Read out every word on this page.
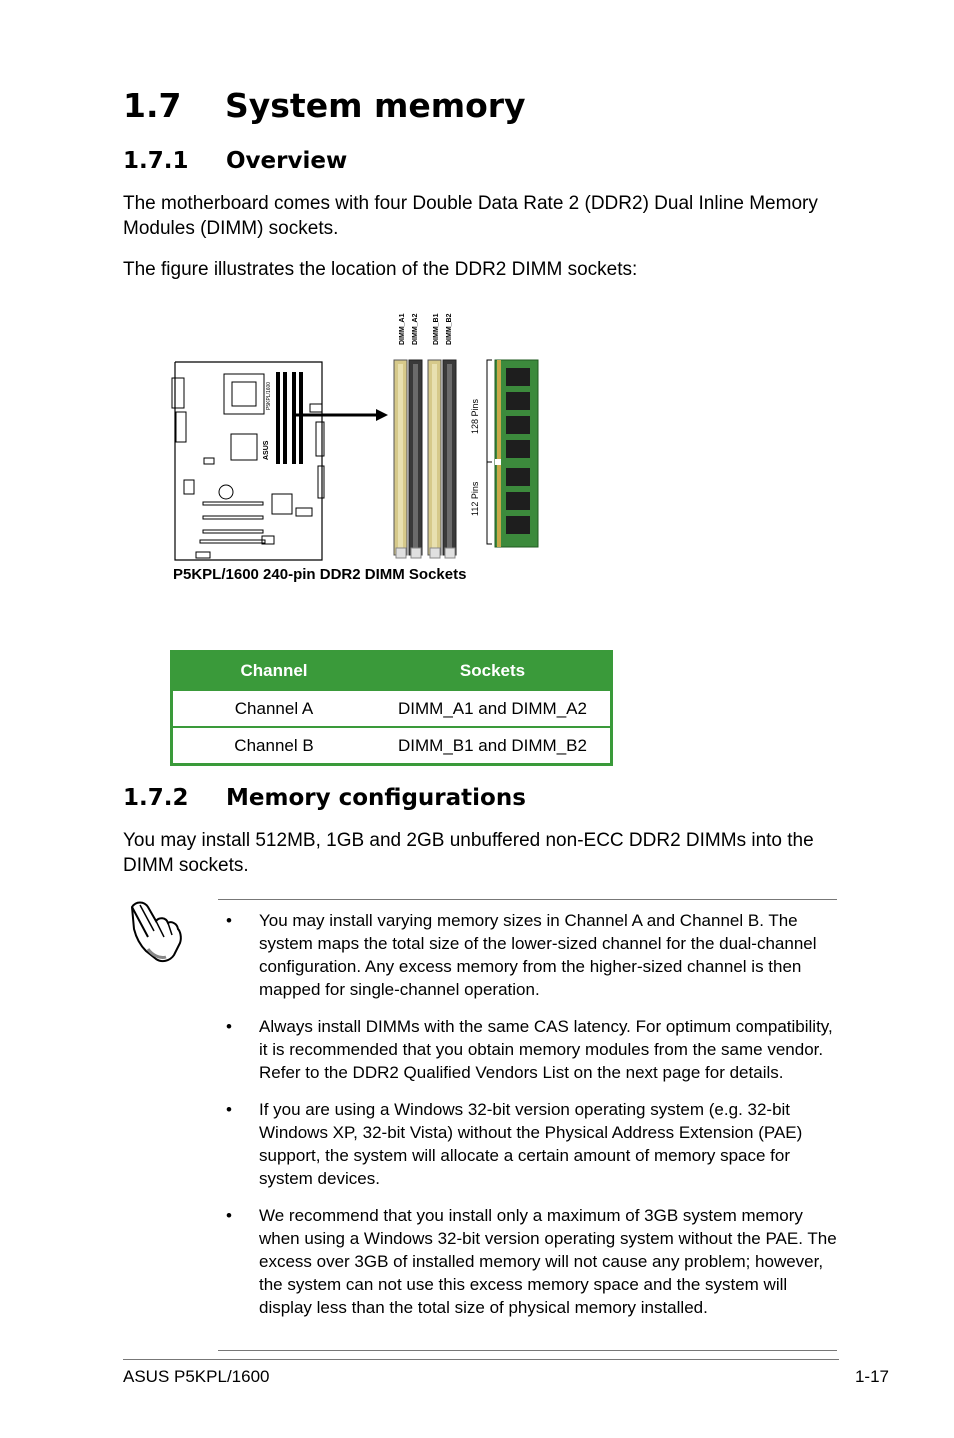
1.7 System memory
1.7.1 Overview

The motherboard comes with four Double Data Rate 2 (DDR2) Dual Inline Memory Modules (DIMM) sockets.

The figure illustrates the location of the DDR2 DIMM sockets:

P5KPL/1600
ASUS
DIMM_A1 DIMM_A2 DIMM_B1 DIMM_B2
128 Pins
112 Pins
P5KPL/1600 240-pin DDR2 DIMM Sockets
Channel	Sockets
Channel A	DIMM_A1 and DIMM_A2
Channel B	DIMM_B1 and DIMM_B2
1.7.2 Memory configurations

You may install 512MB, 1GB and 2GB unbuffered non-ECC DDR2 DIMMs into the DIMM sockets.

• You may install varying memory sizes in Channel A and Channel B. The system maps the total size of the lower-sized channel for the dual-channel configuration. Any excess memory from the higher-sized channel is then mapped for single-channel operation.
• Always install DIMMs with the same CAS latency. For optimum compatibility, it is recommended that you obtain memory modules from the same vendor. Refer to the DDR2 Qualified Vendors List on the next page for details.
• If you are using a Windows 32-bit version operating system (e.g. 32-bit Windows XP, 32-bit Vista) without the Physical Address Extension (PAE) support, the system will allocate a certain amount of memory space for system devices.
• We recommend that you install only a maximum of 3GB system memory when using a Windows 32-bit version operating system without the PAE. The excess over 3GB of installed memory will not cause any problem; however, the system can not use this excess memory space and the system will display less than the total size of physical memory installed.
ASUS P5KPL/1600	1-17
